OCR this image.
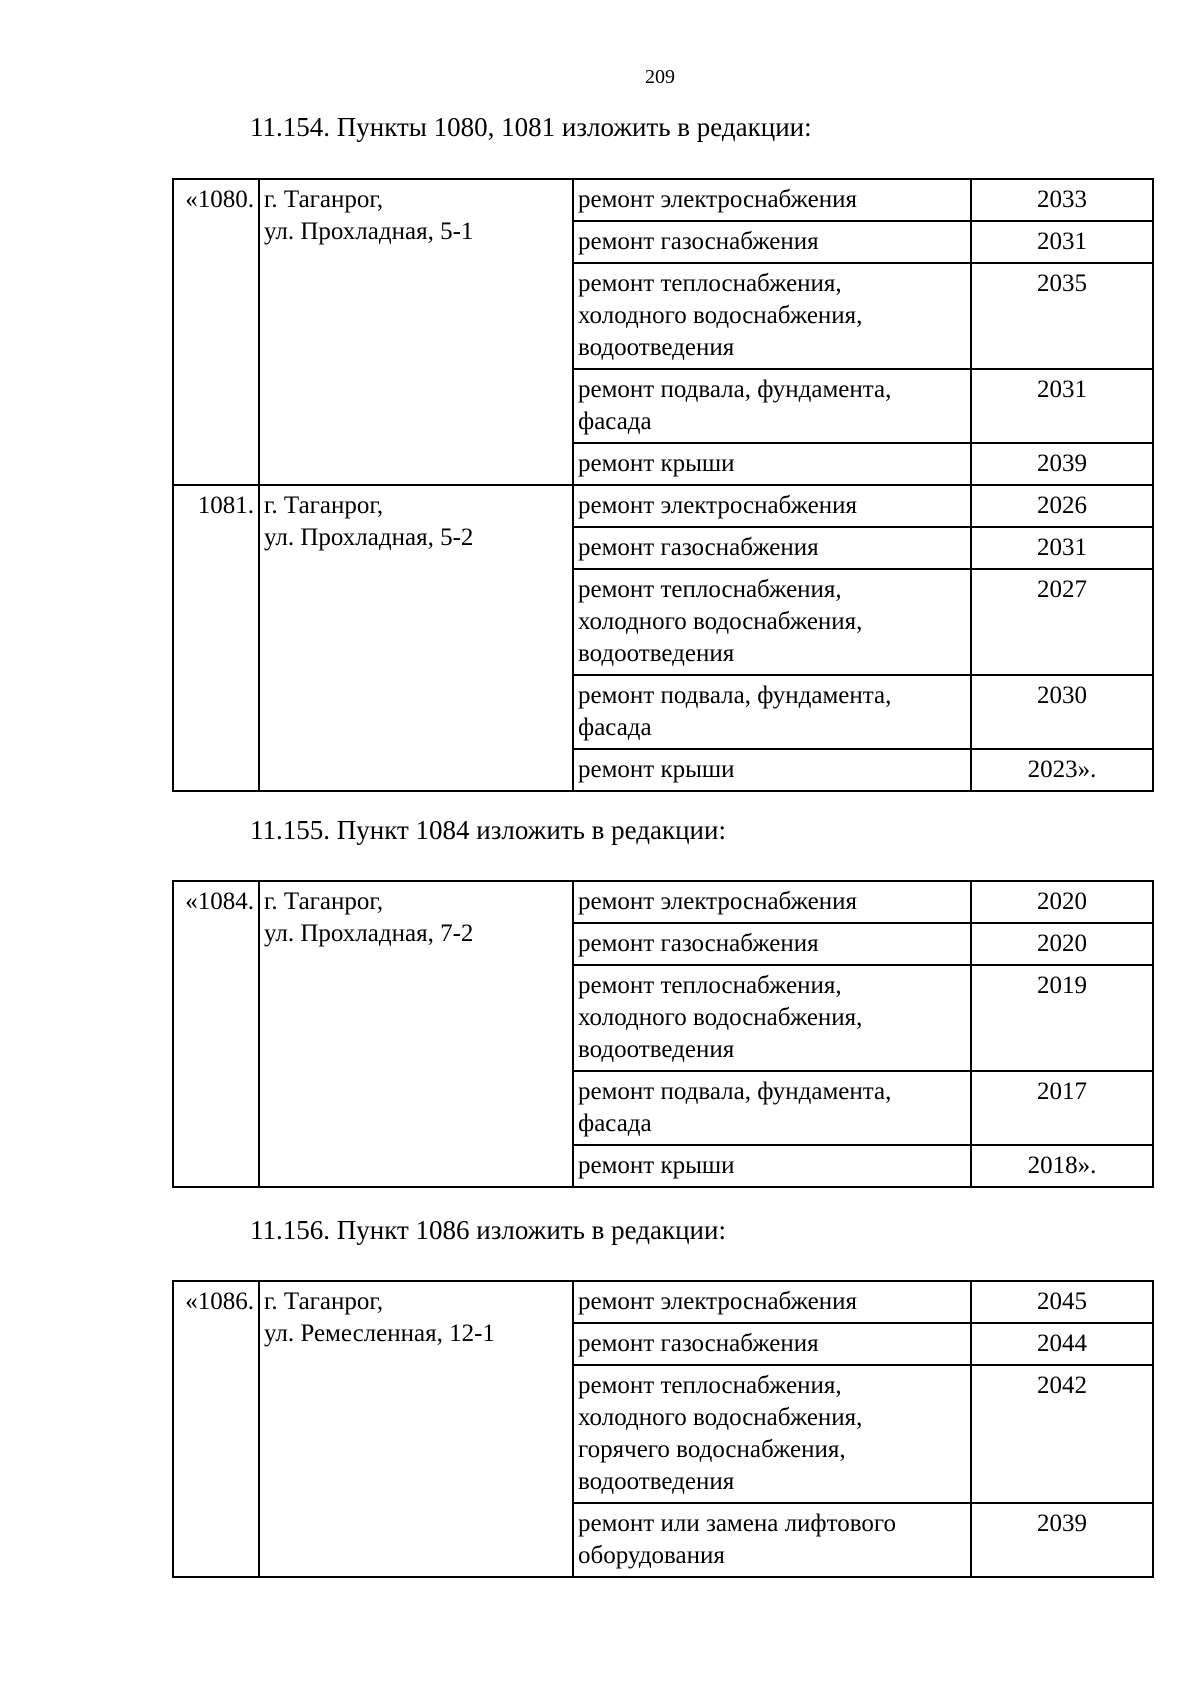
209
11.154. Пункты 1080, 1081 изложить в редакции:
«1080.	г. Таганрог,
ул. Прохладная, 5-1	ремонт электроснабжения	2033
		ремонт газоснабжения	2031
		ремонт теплоснабжения,
холодного водоснабжения,
водоотведения	2035
		ремонт подвала, фундамента,
фасада	2031
		ремонт крыши	2039
1081.	г. Таганрог,
ул. Прохладная, 5-2	ремонт электроснабжения	2026
		ремонт газоснабжения	2031
		ремонт теплоснабжения,
холодного водоснабжения,
водоотведения	2027
		ремонт подвала, фундамента,
фасада	2030
		ремонт крыши	2023».
11.155. Пункт 1084 изложить в редакции:
«1084.	г. Таганрог,
ул. Прохладная, 7-2	ремонт электроснабжения	2020
		ремонт газоснабжения	2020
		ремонт теплоснабжения,
холодного водоснабжения,
водоотведения	2019
		ремонт подвала, фундамента,
фасада	2017
		ремонт крыши	2018».
11.156. Пункт 1086 изложить в редакции:
«1086.	г. Таганрог,
ул. Ремесленная, 12-1	ремонт электроснабжения	2045
		ремонт газоснабжения	2044
		ремонт теплоснабжения,
холодного водоснабжения,
горячего водоснабжения,
водоотведения	2042
		ремонт или замена лифтового
оборудования	2039
